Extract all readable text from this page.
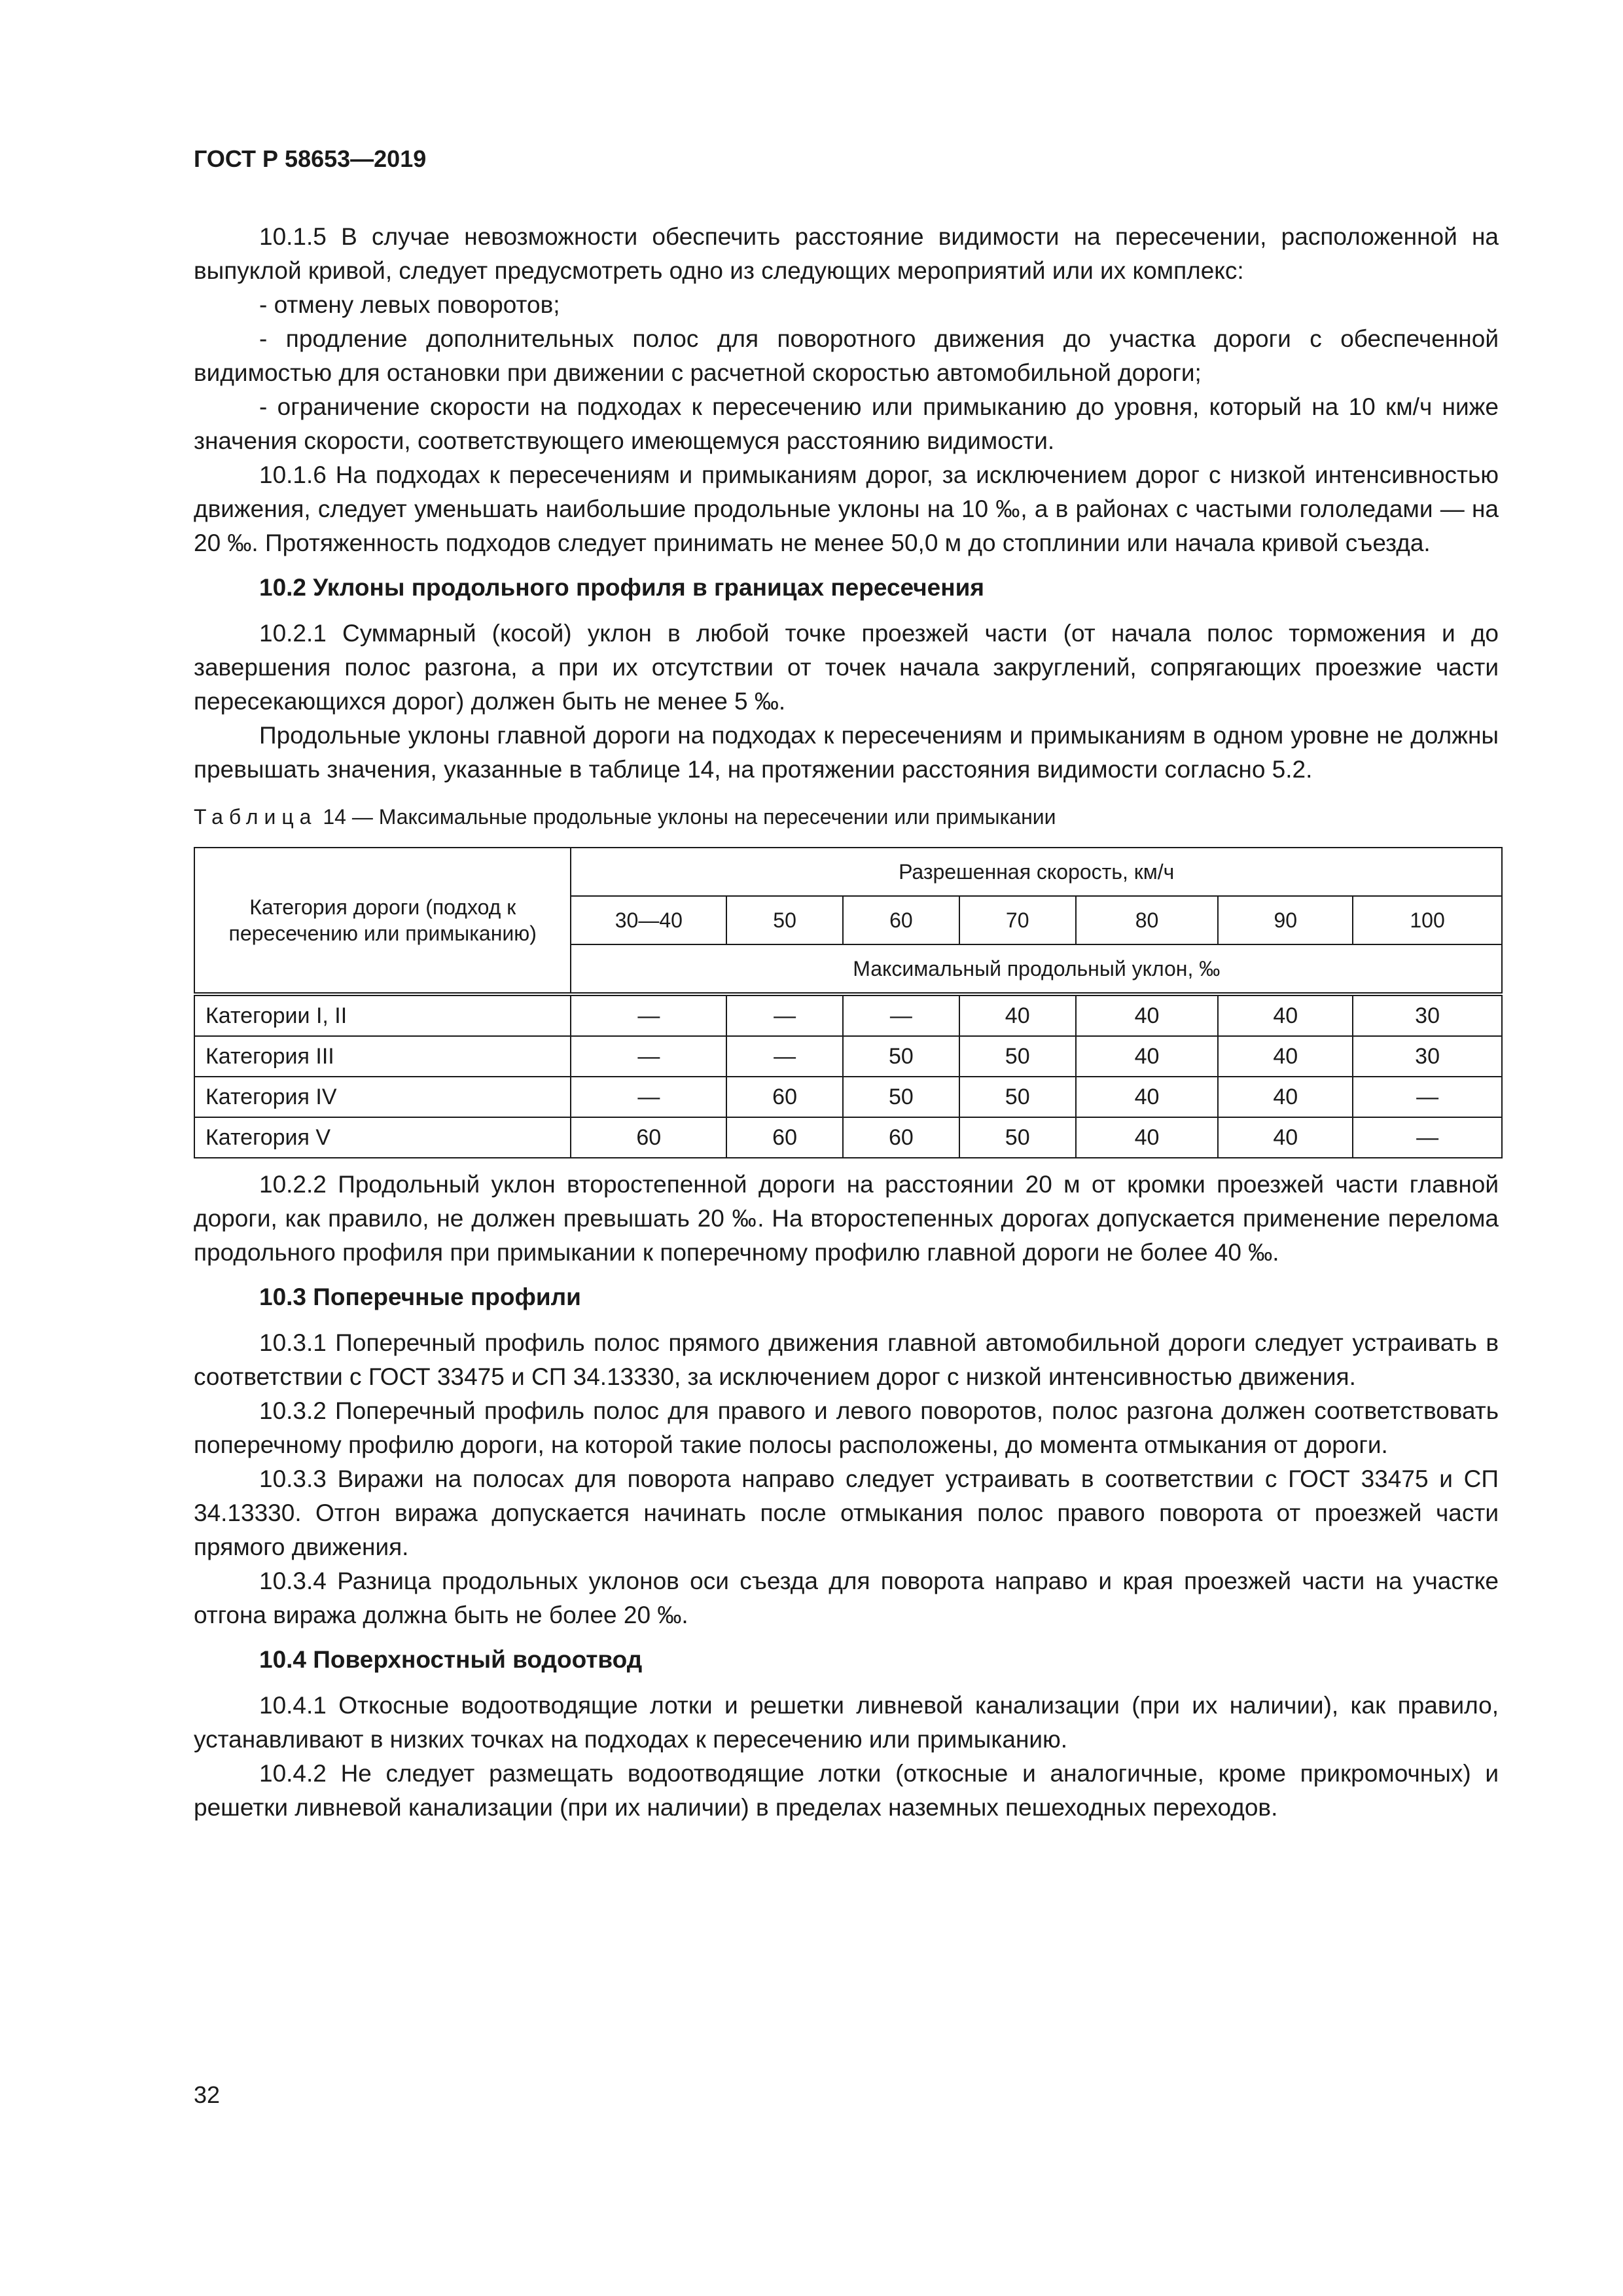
ГОСТ Р 58653—2019

10.1.5 В случае невозможности обеспечить расстояние видимости на пересечении, расположенной на выпуклой кривой, следует предусмотреть одно из следующих мероприятий или их комплекс:

- отмену левых поворотов;

- продление дополнительных полос для поворотного движения до участка дороги с обеспеченной видимостью для остановки при движении с расчетной скоростью автомобильной дороги;

- ограничение скорости на подходах к пересечению или примыканию до уровня, который на 10 км/ч ниже значения скорости, соответствующего имеющемуся расстоянию видимости.

10.1.6 На подходах к пересечениям и примыканиям дорог, за исключением дорог с низкой интенсивностью движения, следует уменьшать наибольшие продольные уклоны на 10 ‰, а в районах с частыми гололедами — на 20 ‰. Протяженность подходов следует принимать не менее 50,0 м до стоплинии или начала кривой съезда.

10.2 Уклоны продольного профиля в границах пересечения

10.2.1 Суммарный (косой) уклон в любой точке проезжей части (от начала полос торможения и до завершения полос разгона, а при их отсутствии от точек начала закруглений, сопрягающих проезжие части пересекающихся дорог) должен быть не менее 5 ‰.

Продольные уклоны главной дороги на подходах к пересечениям и примыканиям в одном уровне не должны превышать значения, указанные в таблице 14, на протяжении расстояния видимости согласно 5.2.

Таблица 14 — Максимальные продольные уклоны на пересечении или примыкании
Категория дороги (подход к пересечению или примыканию)	Разрешенная скорость, км/ч						
	30—40	50	60	70	80	90	100
	Максимальный продольный уклон, ‰						
Категории I, II	—	—	—	40	40	40	30
Категория III	—	—	50	50	40	40	30
Категория IV	—	60	50	50	40	40	—
Категория V	60	60	60	50	40	40	—

10.2.2 Продольный уклон второстепенной дороги на расстоянии 20 м от кромки проезжей части главной дороги, как правило, не должен превышать 20 ‰. На второстепенных дорогах допускается применение перелома продольного профиля при примыкании к поперечному профилю главной дороги не более 40 ‰.

10.3 Поперечные профили

10.3.1 Поперечный профиль полос прямого движения главной автомобильной дороги следует устраивать в соответствии с ГОСТ 33475 и СП 34.13330, за исключением дорог с низкой интенсивностью движения.

10.3.2 Поперечный профиль полос для правого и левого поворотов, полос разгона должен соответствовать поперечному профилю дороги, на которой такие полосы расположены, до момента отмыкания от дороги.

10.3.3 Виражи на полосах для поворота направо следует устраивать в соответствии с ГОСТ 33475 и СП 34.13330. Отгон виража допускается начинать после отмыкания полос правого поворота от проезжей части прямого движения.

10.3.4 Разница продольных уклонов оси съезда для поворота направо и края проезжей части на участке отгона виража должна быть не более 20 ‰.

10.4 Поверхностный водоотвод

10.4.1 Откосные водоотводящие лотки и решетки ливневой канализации (при их наличии), как правило, устанавливают в низких точках на подходах к пересечению или примыканию.

10.4.2 Не следует размещать водоотводящие лотки (откосные и аналогичные, кроме прикромочных) и решетки ливневой канализации (при их наличии) в пределах наземных пешеходных переходов.

32
